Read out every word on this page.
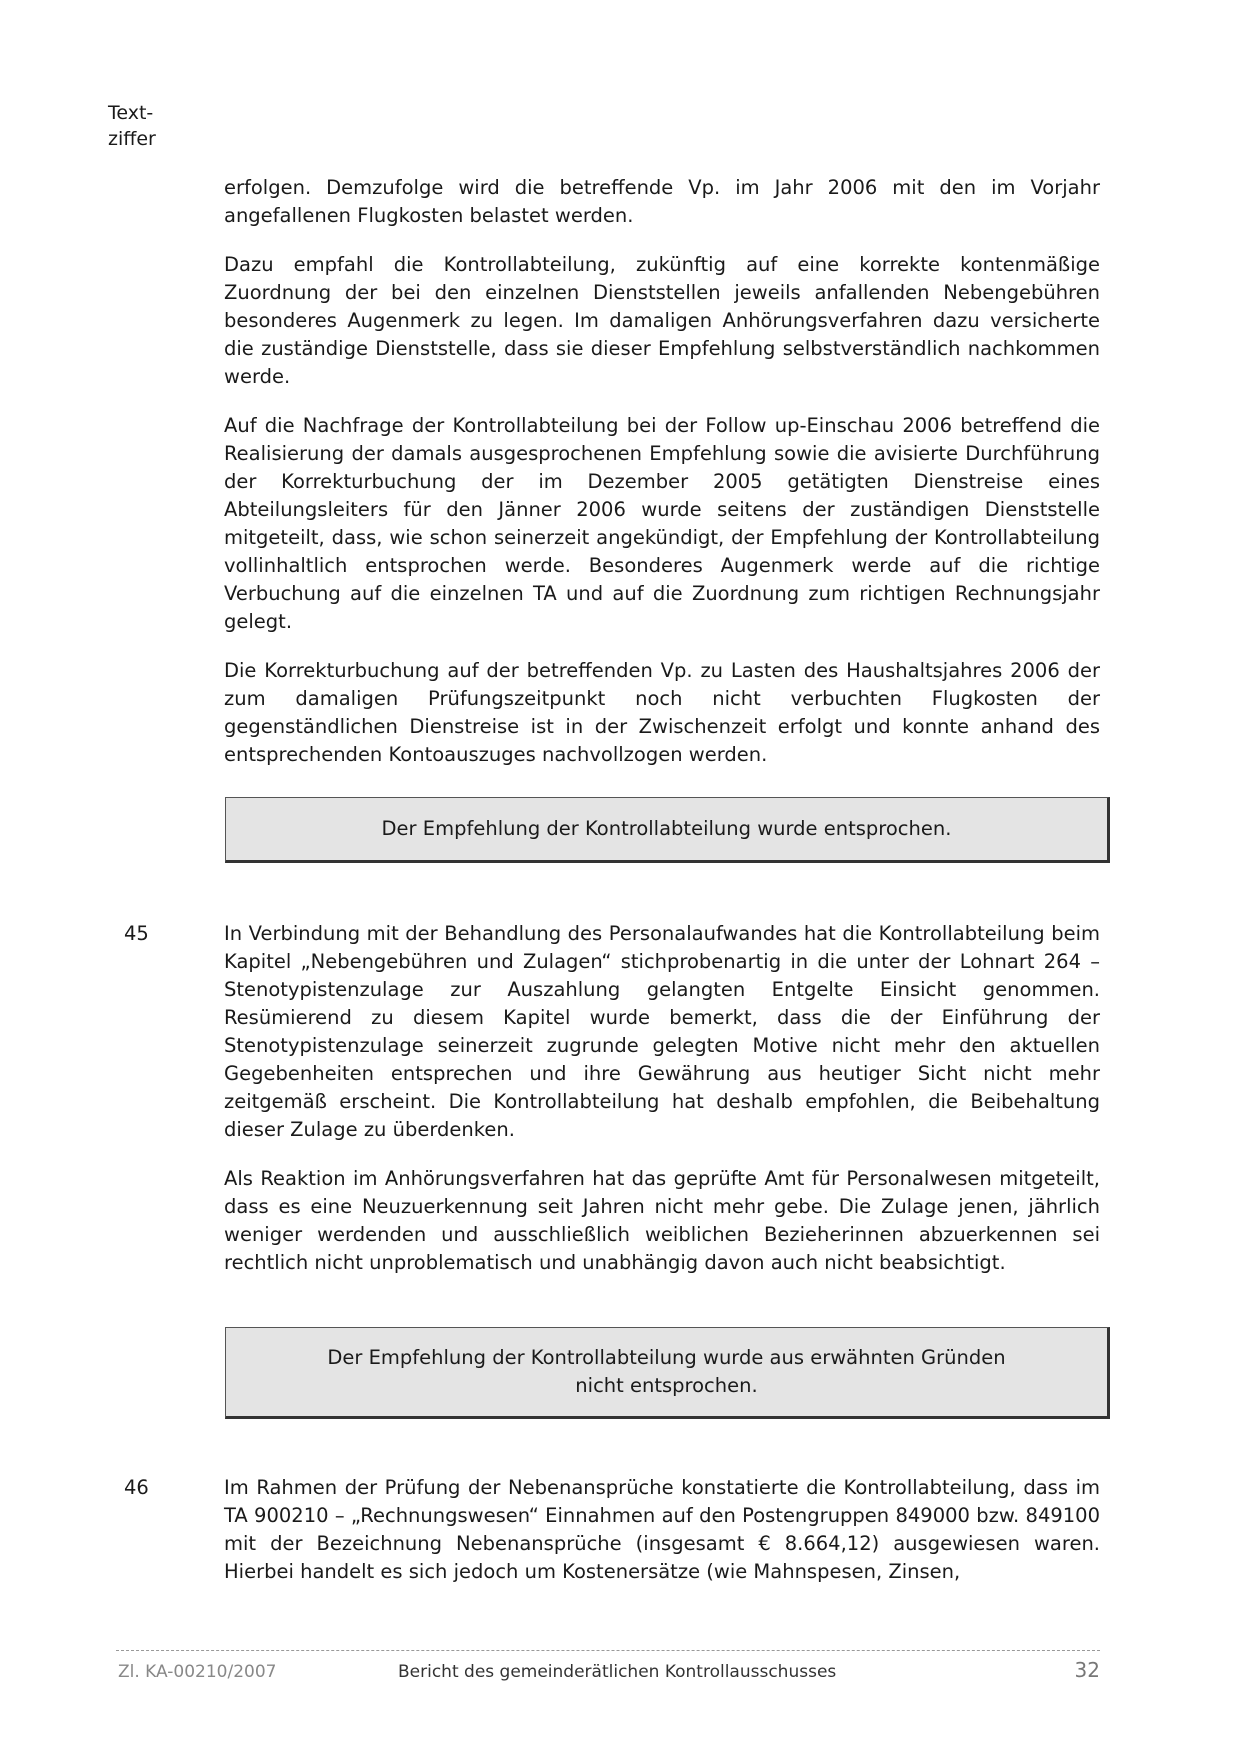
Text-
ziffer

erfolgen. Demzufolge wird die betreffende Vp. im Jahr 2006 mit den im Vorjahr angefallenen Flugkosten belastet werden.

Dazu empfahl die Kontrollabteilung, zukünftig auf eine korrekte kontenmäßige Zuordnung der bei den einzelnen Dienststellen jeweils anfallenden Nebengebühren besonderes Augenmerk zu legen. Im damaligen Anhörungsverfahren dazu versicherte die zuständige Dienststelle, dass sie dieser Empfehlung selbstverständlich nachkommen werde.

Auf die Nachfrage der Kontrollabteilung bei der Follow up-Einschau 2006 betreffend die Realisierung der damals ausgesprochenen Empfehlung sowie die avisierte Durchführung der Korrekturbuchung der im Dezember 2005 getätigten Dienstreise eines Abteilungsleiters für den Jänner 2006 wurde seitens der zuständigen Dienststelle mitgeteilt, dass, wie schon seinerzeit angekündigt, der Empfehlung der Kontrollabteilung vollinhaltlich entsprochen werde. Besonderes Augenmerk werde auf die richtige Verbuchung auf die einzelnen TA und auf die Zuordnung zum richtigen Rechnungsjahr gelegt.

Die Korrekturbuchung auf der betreffenden Vp. zu Lasten des Haushaltsjahres 2006 der zum damaligen Prüfungszeitpunkt noch nicht verbuchten Flugkosten der gegenständlichen Dienstreise ist in der Zwischenzeit erfolgt und konnte anhand des entsprechenden Kontoauszuges nachvollzogen werden.

Der Empfehlung der Kontrollabteilung wurde entsprochen.
45	In Verbindung mit der Behandlung des Personalaufwandes hat die Kontrollabteilung beim Kapitel „Nebengebühren und Zulagen“ stichprobenartig in die unter der Lohnart 264 – Stenotypistenzulage zur Auszahlung gelangten Entgelte Einsicht genommen. Resümierend zu diesem Kapitel wurde bemerkt, dass die der Einführung der Stenotypistenzulage seinerzeit zugrunde gelegten Motive nicht mehr den aktuellen Gegebenheiten entsprechen und ihre Gewährung aus heutiger Sicht nicht mehr zeitgemäß erscheint. Die Kontrollabteilung hat deshalb empfohlen, die Beibehaltung dieser Zulage zu überdenken.

Als Reaktion im Anhörungsverfahren hat das geprüfte Amt für Personalwesen mitgeteilt, dass es eine Neuzuerkennung seit Jahren nicht mehr gebe. Die Zulage jenen, jährlich weniger werdenden und ausschließlich weiblichen Bezieherinnen abzuerkennen sei rechtlich nicht unproblematisch und unabhängig davon auch nicht beabsichtigt.

Der Empfehlung der Kontrollabteilung wurde aus erwähnten Gründen
nicht entsprochen.
46	Im Rahmen der Prüfung der Nebenansprüche konstatierte die Kontrollabteilung, dass im TA 900210 – „Rechnungswesen“ Einnahmen auf den Postengruppen 849000 bzw. 849100 mit der Bezeichnung Nebenansprüche (insgesamt € 8.664,12) ausgewiesen waren. Hierbei handelt es sich jedoch um Kostenersätze (wie Mahnspesen, Zinsen,

Zl. KA-00210/2007	Bericht des gemeinderätlichen Kontrollausschusses	32
